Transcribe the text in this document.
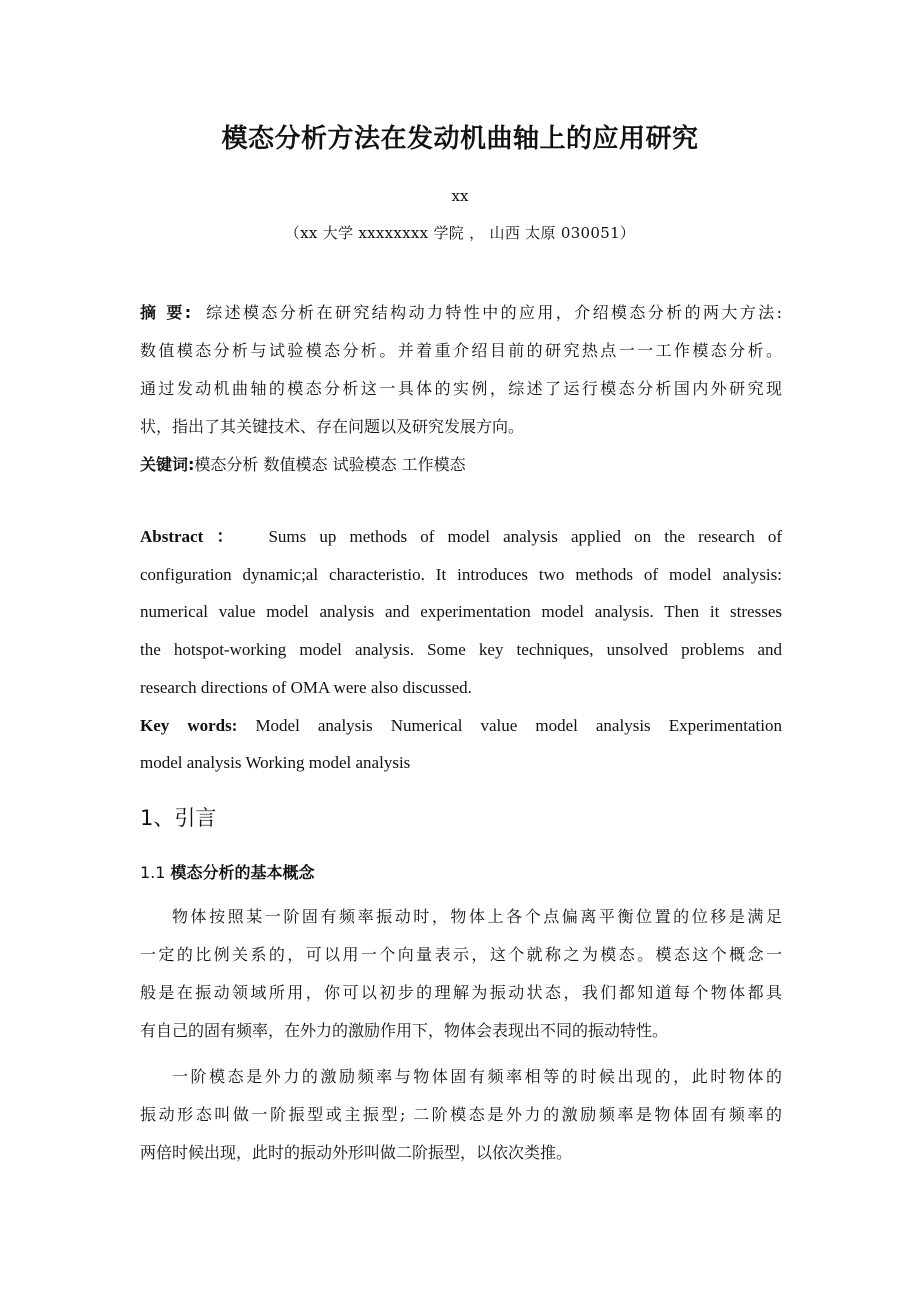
模态分析方法在发动机曲轴上的应用研究
xx
（xx 大学 xxxxxxxx 学院 ， 山西 太原 030051）
摘 要: 综述模态分析在研究结构动力特性中的应用，介绍模态分析的两大方法:
数值模态分析与试验模态分析。并着重介绍目前的研究热点一一工作模态分析。
通过发动机曲轴的模态分析这一具体的实例，综述了运行模态分析国内外研究现
状，指出了其关键技术、存在问题以及研究发展方向。
关键词:模态分析 数值模态 试验模态 工作模态
Abstract ： Sums up methods of model analysis applied on the research of
configuration dynamic;al characteristio. It introduces two methods of model analysis:
numerical value model analysis and experimentation model analysis. Then it stresses
the hotspot-working model analysis. Some key techniques, unsolved problems and
research directions of OMA were also discussed.
Key words: Model analysis Numerical value model analysis Experimentation
model analysis Working model analysis
1、引言
1.1 模态分析的基本概念
物体按照某一阶固有频率振动时，物体上各个点偏离平衡位置的位移是满足
一定的比例关系的，可以用一个向量表示，这个就称之为模态。模态这个概念一
般是在振动领域所用，你可以初步的理解为振动状态，我们都知道每个物体都具
有自己的固有频率，在外力的激励作用下，物体会表现出不同的振动特性。
一阶模态是外力的激励频率与物体固有频率相等的时候出现的，此时物体的
振动形态叫做一阶振型或主振型; 二阶模态是外力的激励频率是物体固有频率的
两倍时候出现，此时的振动外形叫做二阶振型，以依次类推。
